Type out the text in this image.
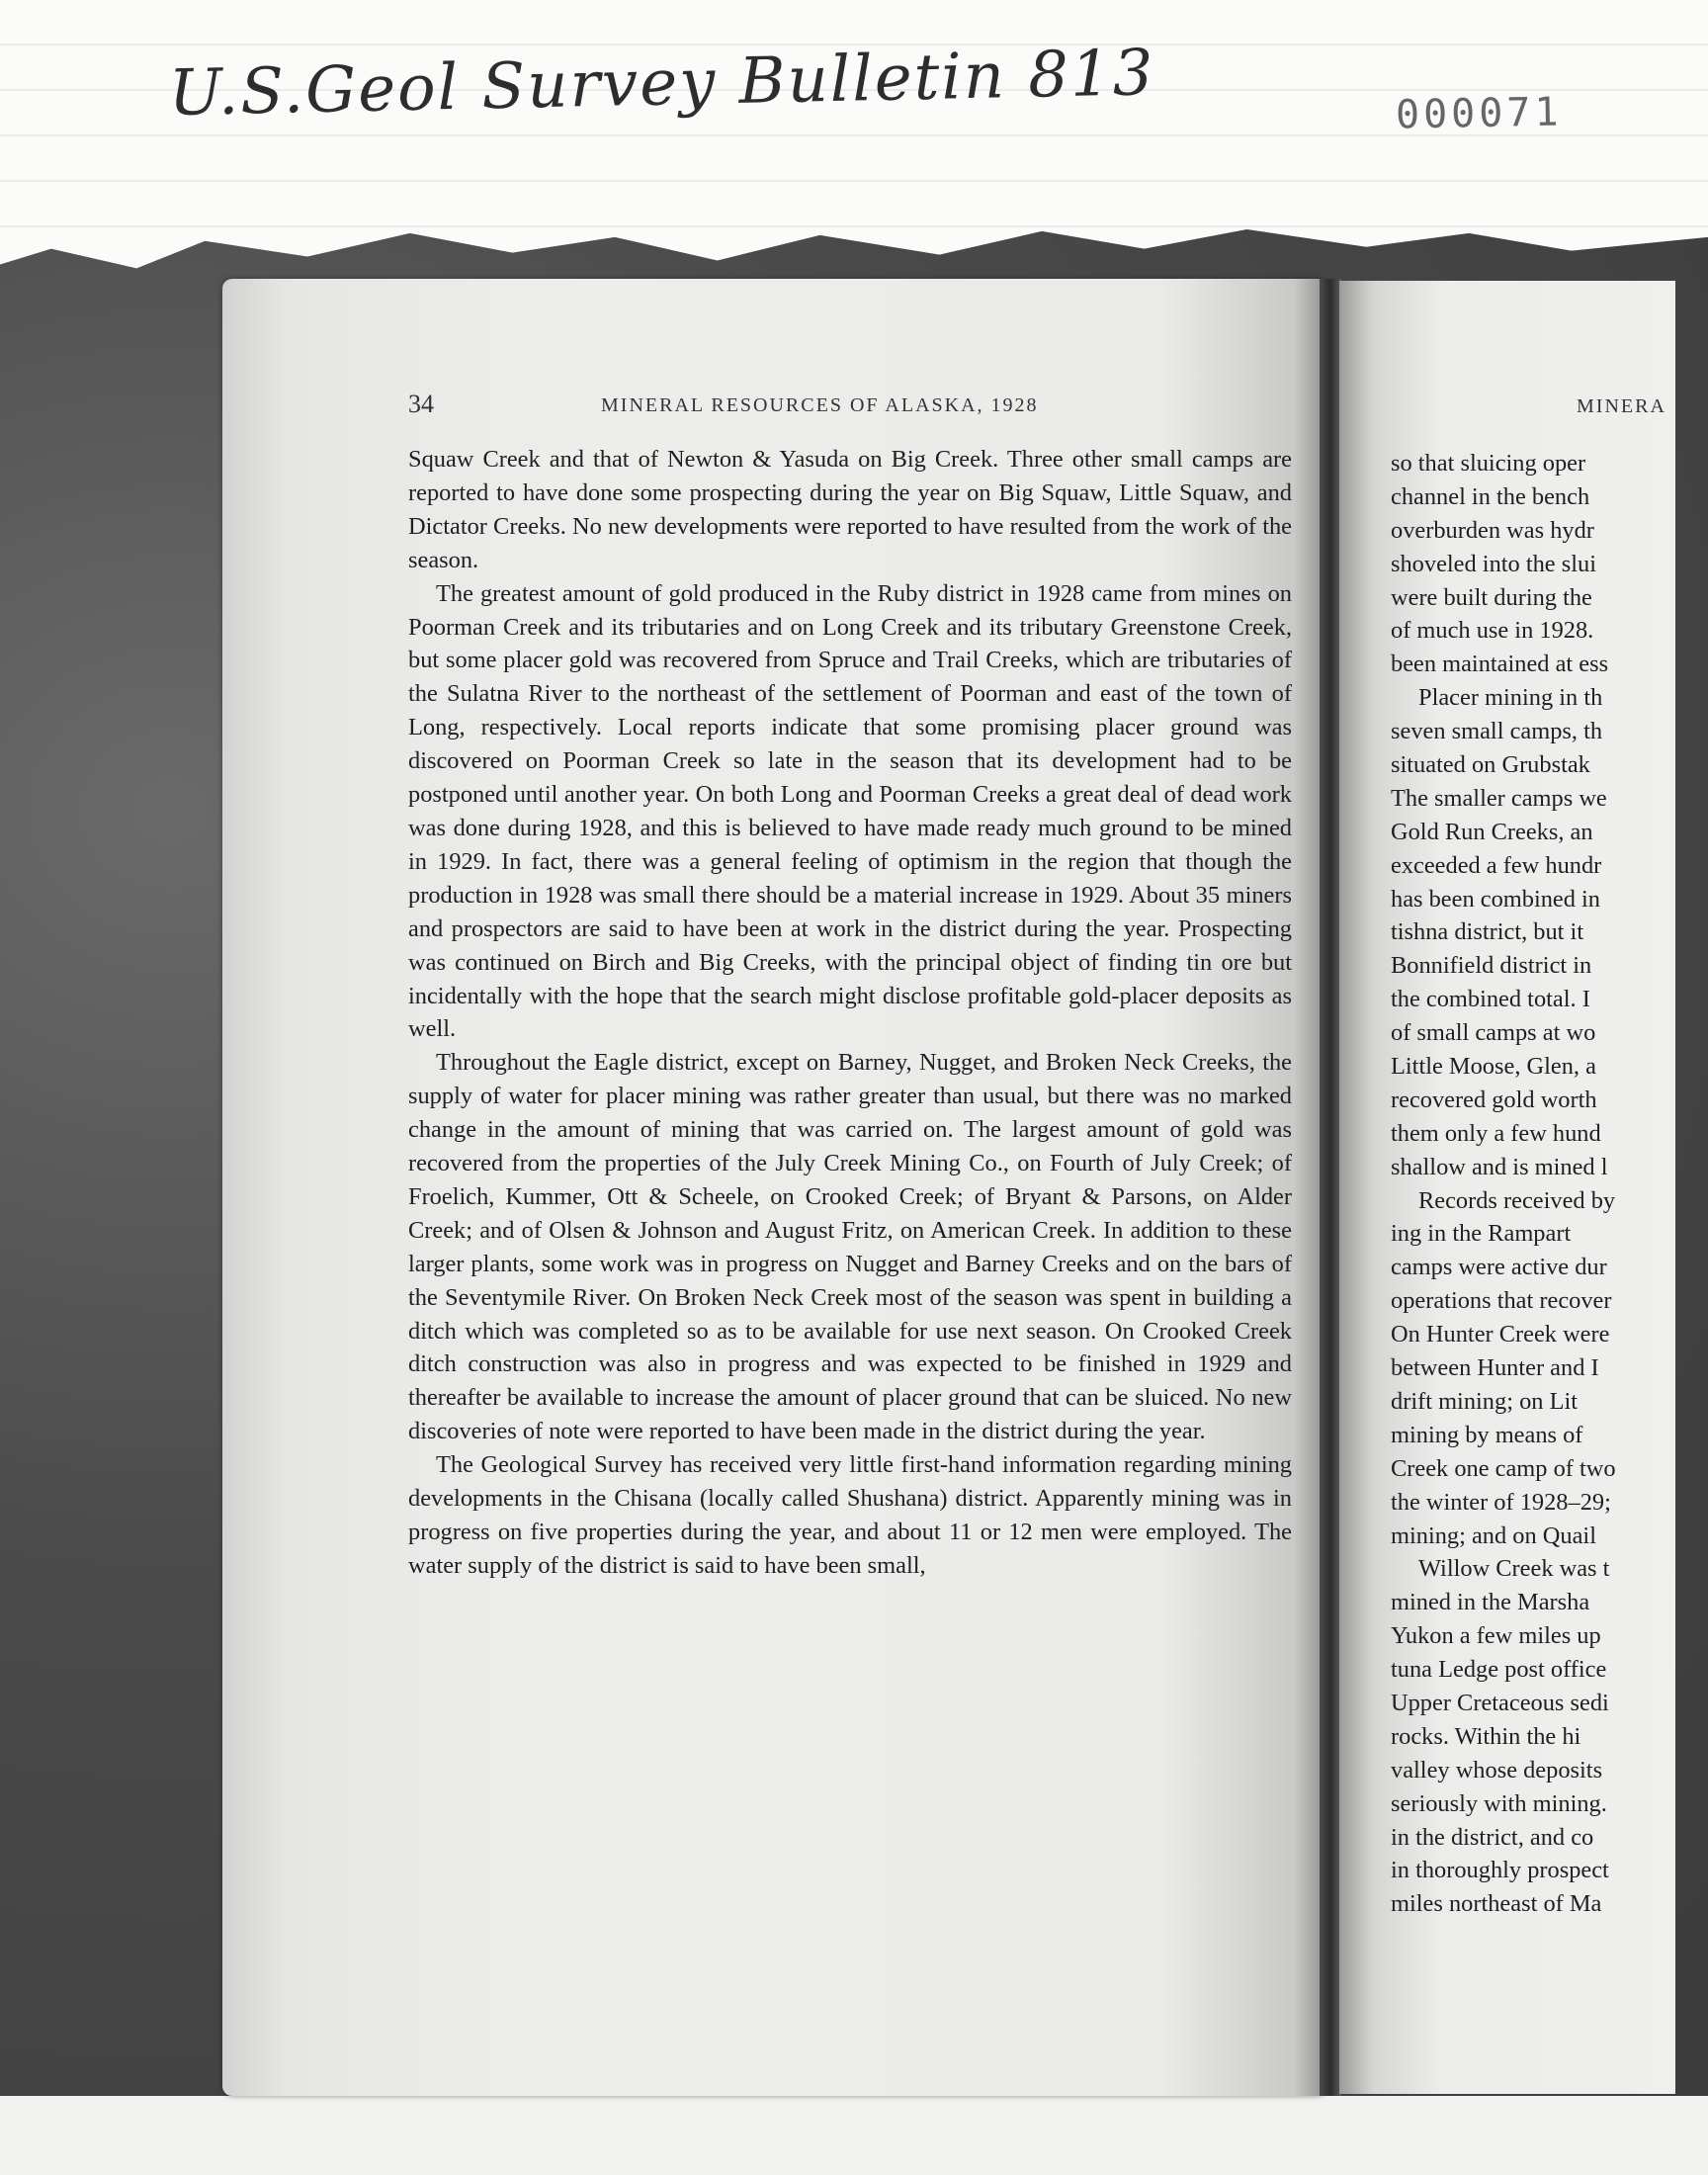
U.S.Geol Survey Bulletin 813	000071
MINERA
so that sluicing oper
channel in the bench
overburden was hydr
shoveled into the slui
were built during the
of much use in 1928.
been maintained at ess
Placer mining in th
seven small camps, th
situated on Grubstak
The smaller camps we
Gold Run Creeks, an
exceeded a few hundr
has been combined in
tishna district, but it
Bonnifield district in
the combined total. I
of small camps at wo
Little Moose, Glen, a
recovered gold worth
them only a few hund
shallow and is mined l
Records received by
ing in the Rampart
camps were active dur
operations that recover
On Hunter Creek were
between Hunter and I
drift mining; on Lit
mining by means of
Creek one camp of two
the winter of 1928–29;
mining; and on Quail
Willow Creek was t
mined in the Marsha
Yukon a few miles up
tuna Ledge post office
Upper Cretaceous sedi
rocks. Within the hi
valley whose deposits
seriously with mining.
in the district, and co
in thoroughly prospect
miles northeast of Ma
34	MINERAL RESOURCES OF ALASKA, 1928

Squaw Creek and that of Newton & Yasuda on Big Creek. Three other small camps are reported to have done some prospecting during the year on Big Squaw, Little Squaw, and Dictator Creeks. No new developments were reported to have resulted from the work of the season.

The greatest amount of gold produced in the Ruby district in 1928 came from mines on Poorman Creek and its tributaries and on Long Creek and its tributary Greenstone Creek, but some placer gold was recovered from Spruce and Trail Creeks, which are tributaries of the Sulatna River to the northeast of the settlement of Poorman and east of the town of Long, respectively. Local reports indicate that some promising placer ground was discovered on Poorman Creek so late in the season that its development had to be postponed until another year. On both Long and Poorman Creeks a great deal of dead work was done during 1928, and this is believed to have made ready much ground to be mined in 1929. In fact, there was a general feeling of optimism in the region that though the production in 1928 was small there should be a material increase in 1929. About 35 miners and prospectors are said to have been at work in the district during the year. Prospecting was continued on Birch and Big Creeks, with the principal object of finding tin ore but incidentally with the hope that the search might disclose profitable gold-placer deposits as well.

Throughout the Eagle district, except on Barney, Nugget, and Broken Neck Creeks, the supply of water for placer mining was rather greater than usual, but there was no marked change in the amount of mining that was carried on. The largest amount of gold was recovered from the properties of the July Creek Mining Co., on Fourth of July Creek; of Froelich, Kummer, Ott & Scheele, on Crooked Creek; of Bryant & Parsons, on Alder Creek; and of Olsen & Johnson and August Fritz, on American Creek. In addition to these larger plants, some work was in progress on Nugget and Barney Creeks and on the bars of the Seventymile River. On Broken Neck Creek most of the season was spent in building a ditch which was completed so as to be available for use next season. On Crooked Creek ditch construction was also in progress and was expected to be finished in 1929 and thereafter be available to increase the amount of placer ground that can be sluiced. No new discoveries of note were reported to have been made in the district during the year.

The Geological Survey has received very little first-hand information regarding mining developments in the Chisana (locally called Shushana) district. Apparently mining was in progress on five properties during the year, and about 11 or 12 men were employed. The water supply of the district is said to have been small,
